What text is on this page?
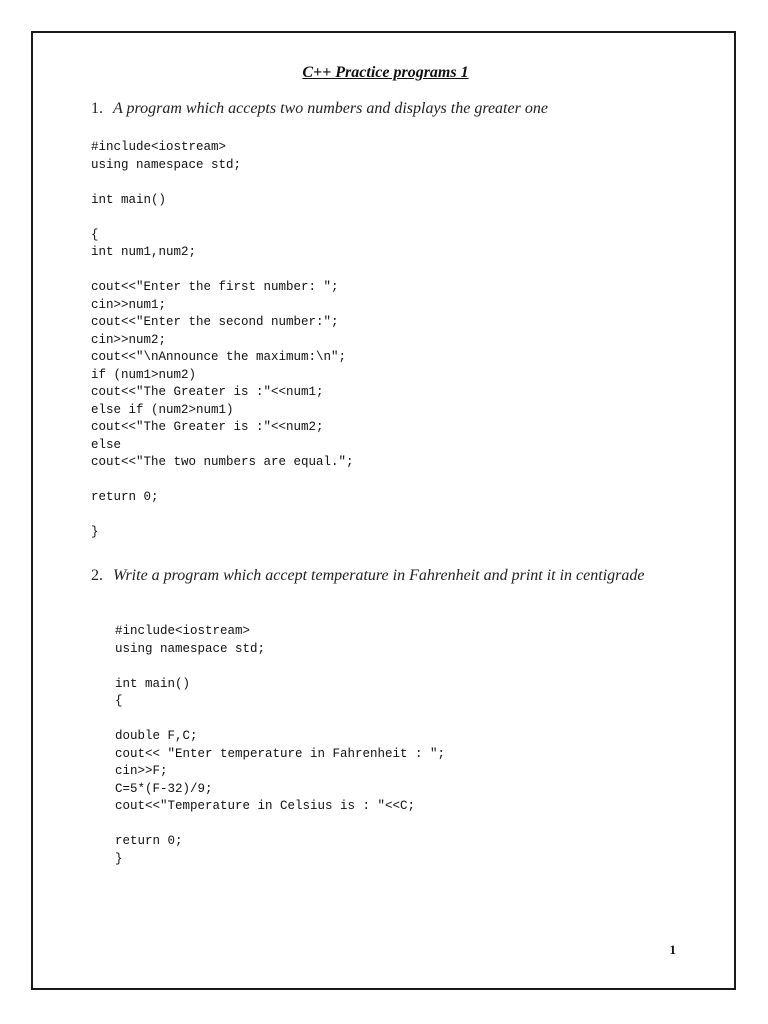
C++ Practice programs 1
1. A program which accepts two numbers and displays the greater one
#include<iostream>
using namespace std;
int main()
{
int num1,num2;
cout<<"Enter the first number: ";
cin>>num1;
cout<<"Enter the second number:";
cin>>num2;
cout<<"\nAnnounce the maximum:\n";
if (num1>num2)
cout<<"The Greater is :"<<num1;
else if (num2>num1)
cout<<"The Greater is :"<<num2;
else
cout<<"The two numbers are equal.";
return 0;
}
2. Write a program which accept temperature in Fahrenheit and print it in centigrade
#include<iostream>
using namespace std;
int main()
{
double F,C;
cout<< "Enter temperature in Fahrenheit : ";
cin>>F;
C=5*(F-32)/9;
cout<<"Temperature in Celsius is : "<<C;
return 0;
}
1
